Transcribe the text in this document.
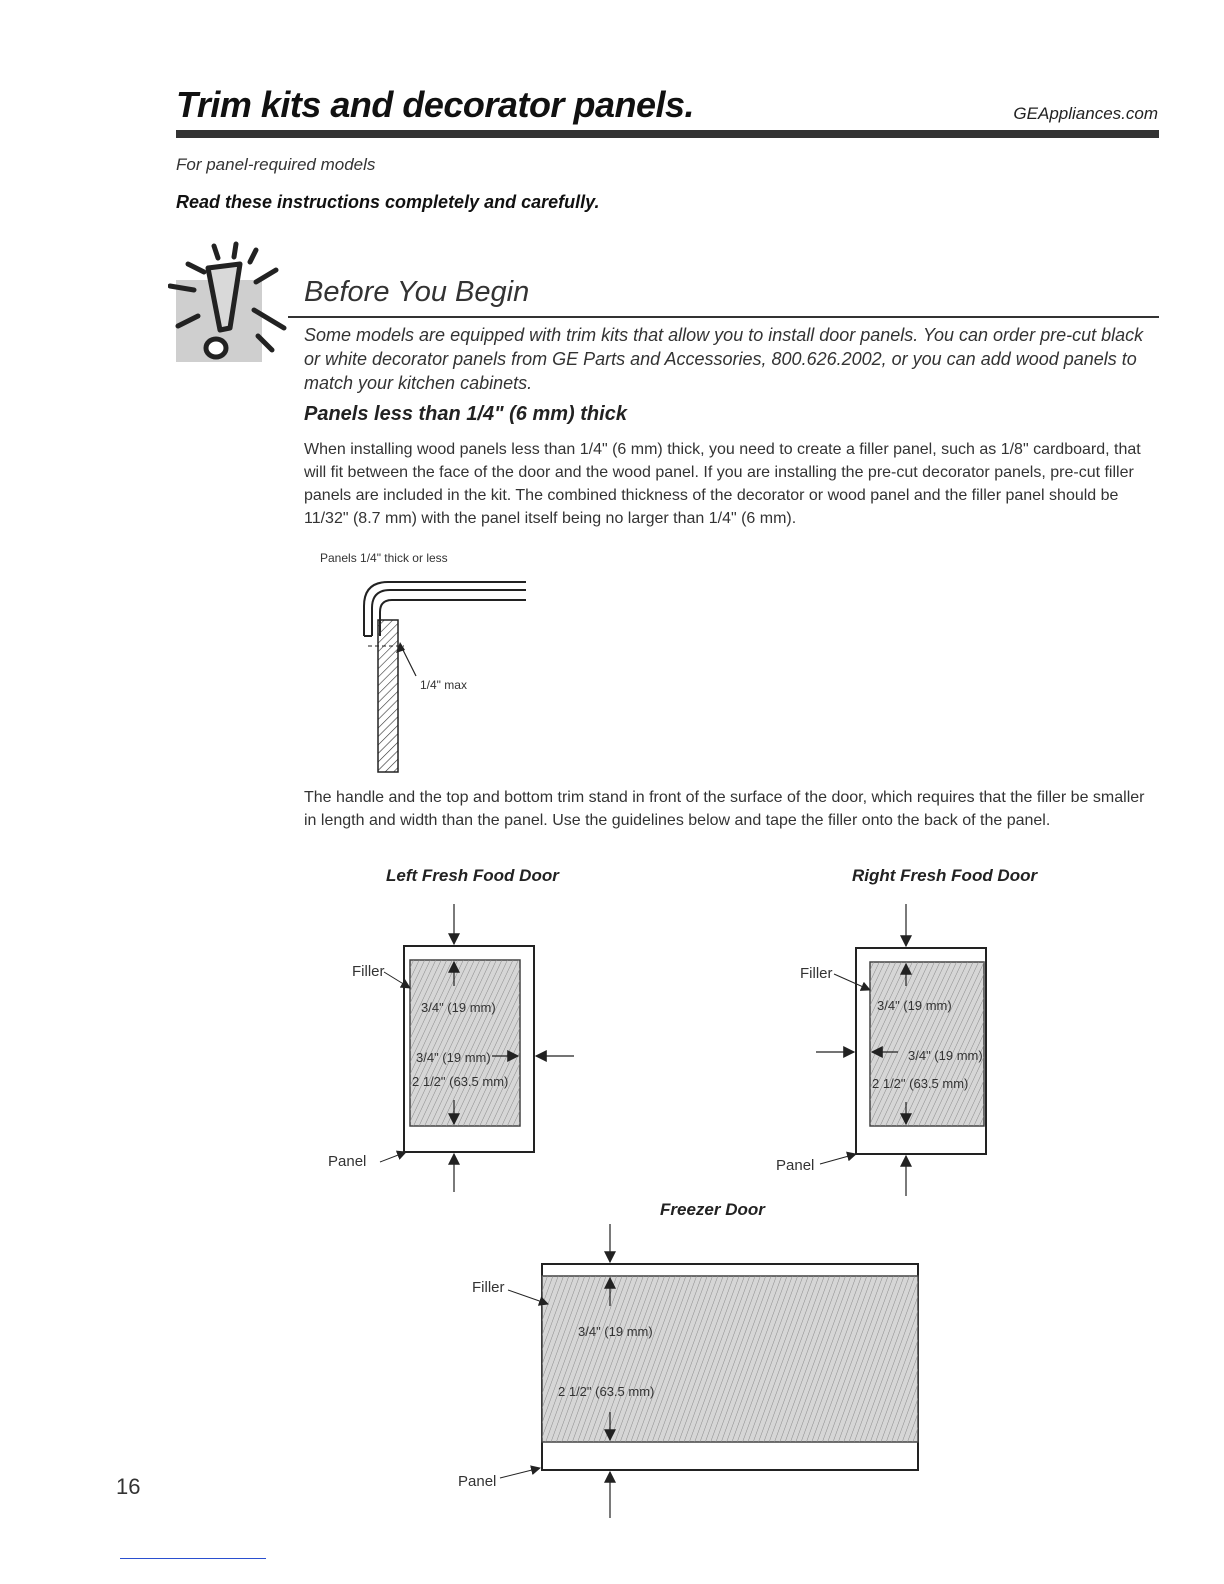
Trim kits and decorator panels.	GEAppliances.com
For panel-required models
Read these instructions completely and carefully.
Before You Begin
Some models are equipped with trim kits that allow you to install door panels. You can order pre-cut black or white decorator panels from GE Parts and Accessories, 800.626.2002, or you can add wood panels to match your kitchen cabinets.
Panels less than 1/4" (6 mm) thick
When installing wood panels less than 1/4" (6 mm) thick, you need to create a filler panel, such as 1/8" cardboard, that will fit between the face of the door and the wood panel. If you are installing the pre-cut decorator panels, pre-cut filler panels are included in the kit. The combined thickness of the decorator or wood panel and the filler panel should be 11/32" (8.7 mm) with the panel itself being no larger than 1/4" (6 mm).
Panels 1/4" thick or less
1/4" max
The handle and the top and bottom trim stand in front of the surface of the door, which requires that the filler be smaller in length and width than the panel. Use the guidelines below and tape the filler onto the back of the panel.
Left Fresh Food Door
Filler
Panel
3/4" (19 mm)
3/4" (19 mm)
2 1/2" (63.5 mm)
Right Fresh Food Door
Filler
Panel
3/4" (19 mm)
3/4" (19 mm)
2 1/2" (63.5 mm)
Freezer Door
Filler
Panel
3/4" (19 mm)
2 1/2" (63.5 mm)
16
